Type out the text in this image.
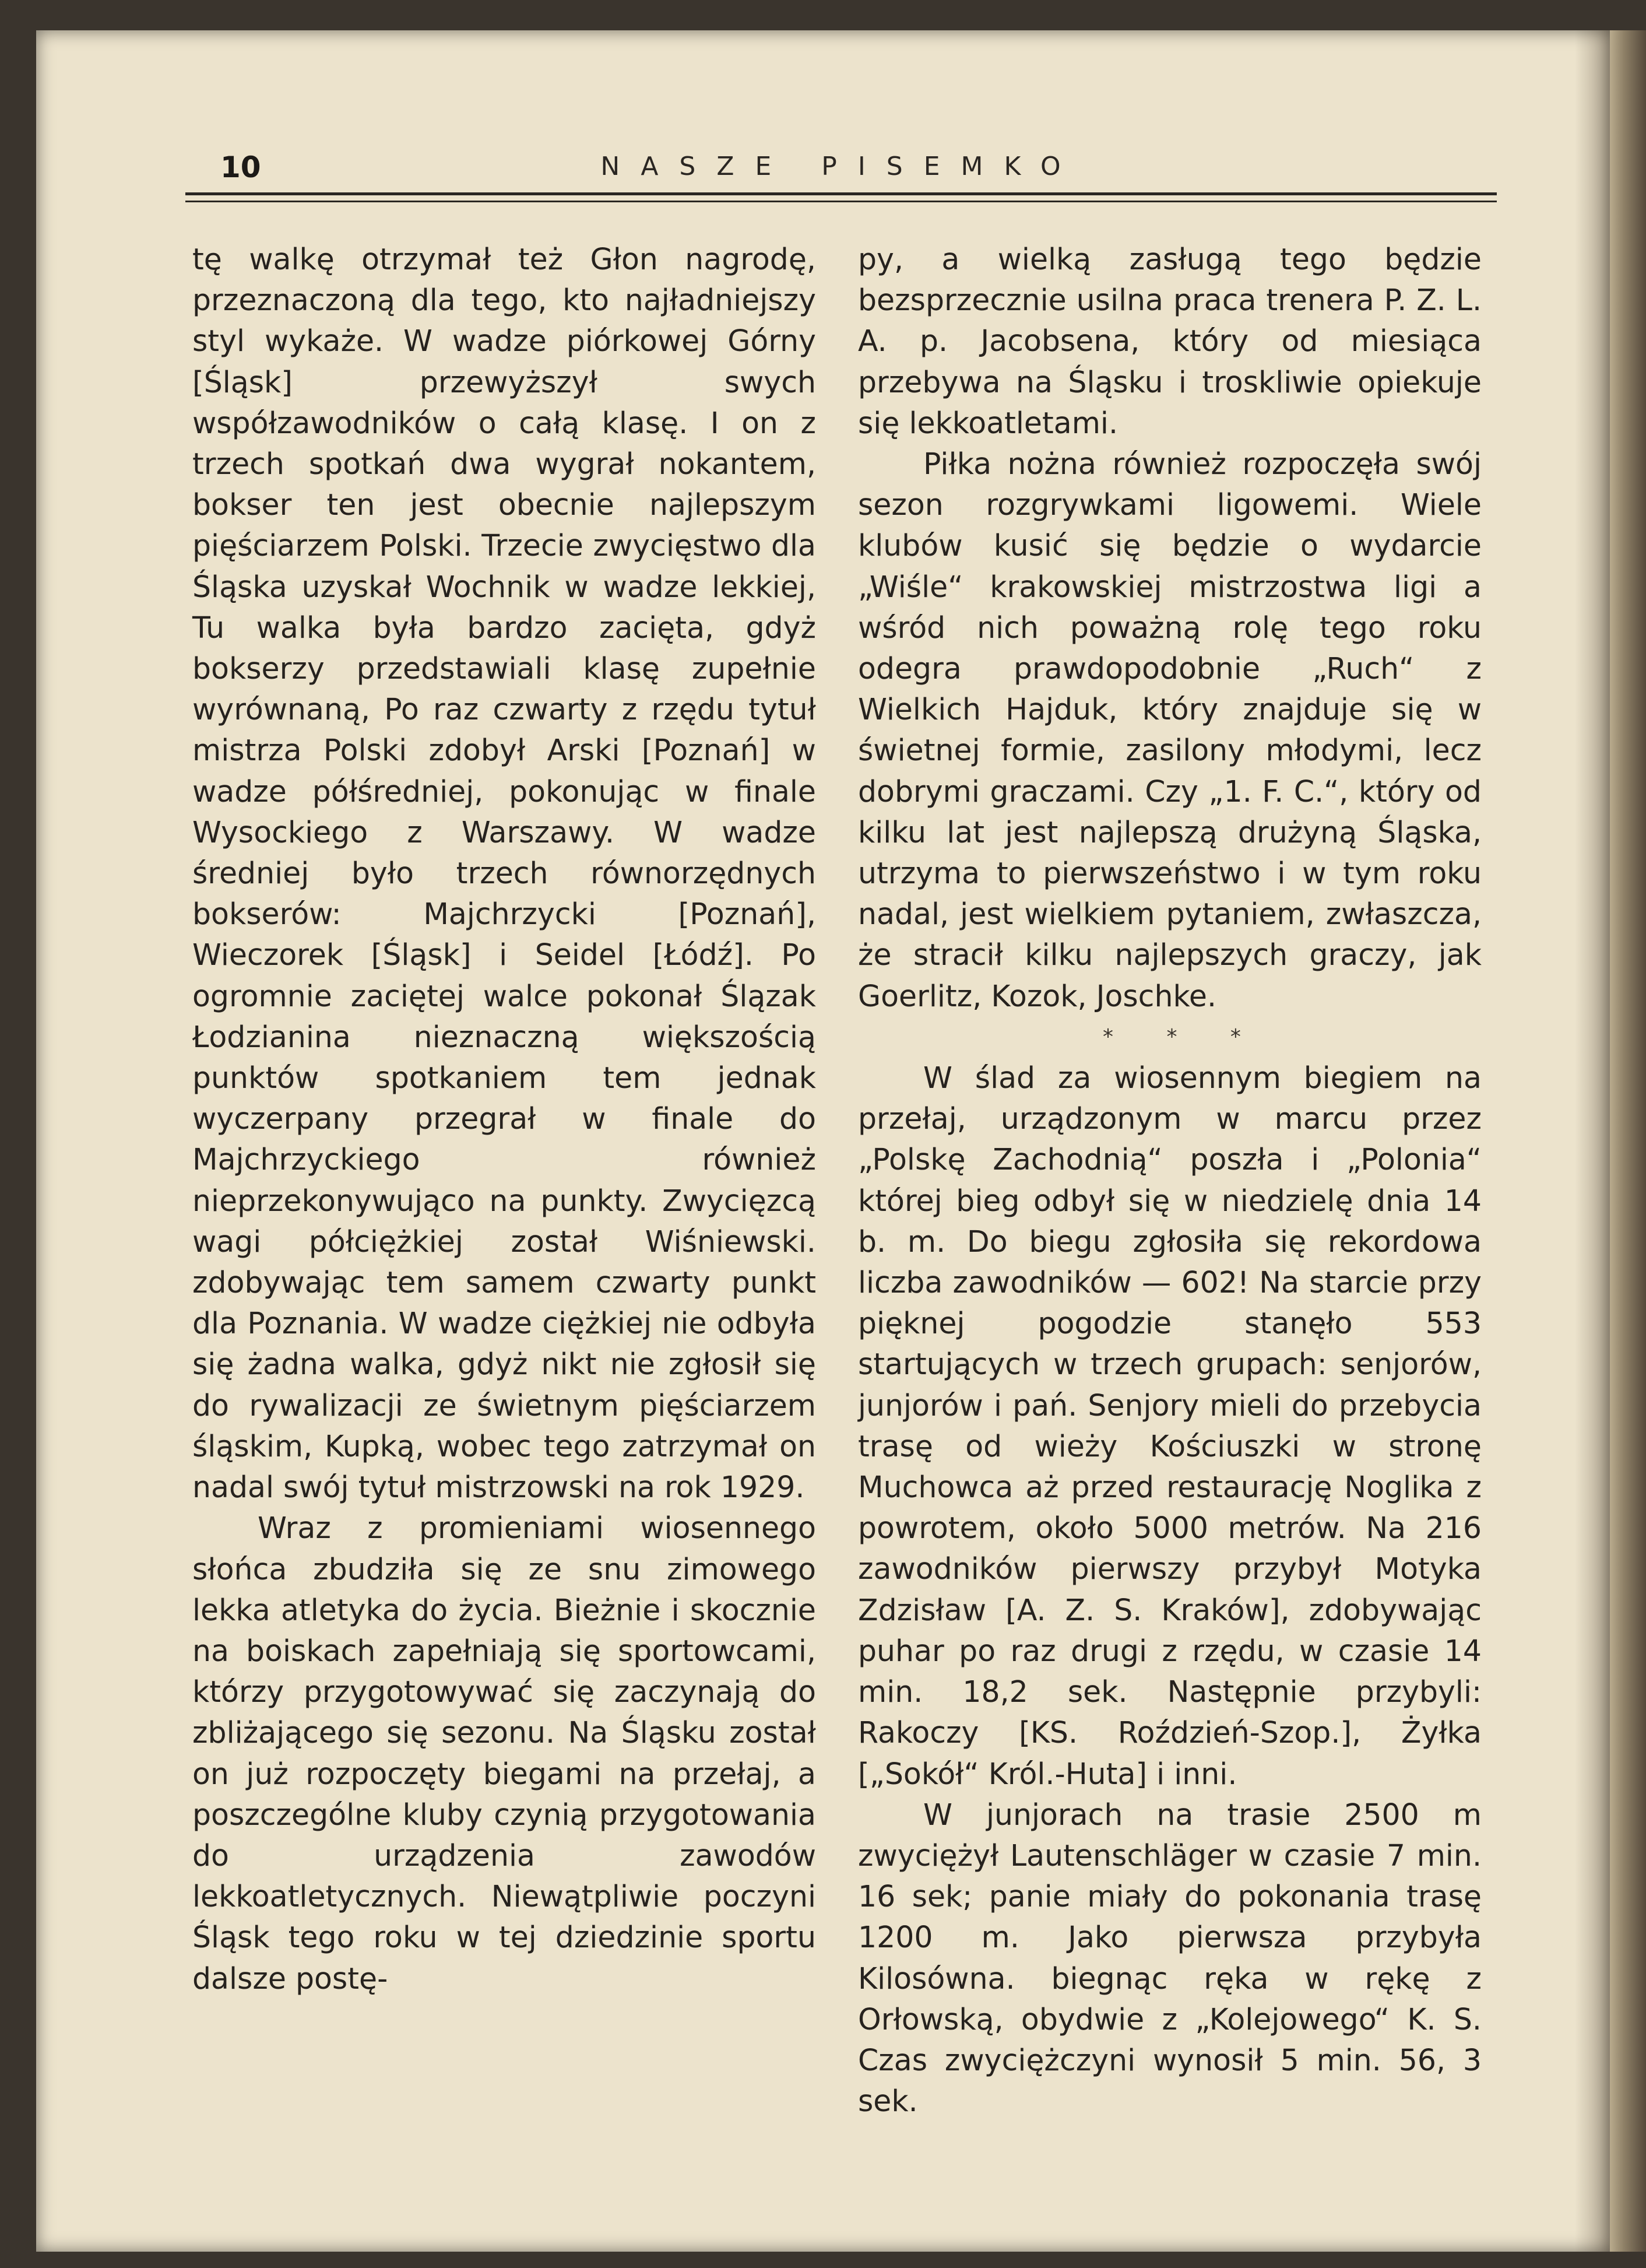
10	NASZE PISEMKO

tę walkę otrzymał też Głon nagrodę, przeznaczoną dla tego, kto najładniejszy styl wykaże. W wadze piórkowej Górny [Śląsk] przewyższył swych współzawodników o całą klasę. I on z trzech spotkań dwa wygrał nokantem, bokser ten jest obecnie najlepszym pięściarzem Polski. Trzecie zwycięstwo dla Śląska uzyskał Wochnik w wadze lekkiej, Tu walka była bardzo zacięta, gdyż bokserzy przedstawiali klasę zupełnie wyrównaną, Po raz czwarty z rzędu tytuł mistrza Polski zdobył Arski [Poznań] w wadze półśredniej, pokonując w finale Wysockiego z Warszawy. W wadze średniej było trzech równorzędnych bokserów: Majchrzycki [Poznań], Wieczorek [Śląsk] i Seidel [Łódź]. Po ogromnie zaciętej walce pokonał Ślązak Łodzianina nieznaczną większością punktów spotkaniem tem jednak wyczerpany przegrał w finale do Majchrzyckiego również nieprzekonywująco na punkty. Zwycięzcą wagi półciężkiej został Wiśniewski. zdobywając tem samem czwarty punkt dla Poznania. W wadze ciężkiej nie odbyła się żadna walka, gdyż nikt nie zgłosił się do rywalizacji ze świetnym pięściarzem śląskim, Kupką, wobec tego zatrzymał on nadal swój tytuł mistrzowski na rok 1929.

Wraz z promieniami wiosennego słońca zbudziła się ze snu zimowego lekka atletyka do życia. Bieżnie i skocznie na boiskach zapełniają się sportowcami, którzy przygotowywać się zaczynają do zbliżającego się sezonu. Na Śląsku został on już rozpoczęty biegami na przełaj, a poszczególne kluby czynią przygotowania do urządzenia zawodów lekkoatletycznych. Niewątpliwie poczyni Śląsk tego roku w tej dziedzinie sportu dalsze postę-

py, a wielką zasługą tego będzie bezsprzecznie usilna praca trenera P. Z. L. A. p. Jacobsena, który od miesiąca przebywa na Śląsku i troskliwie opiekuje się lekkoatletami.

Piłka nożna również rozpoczęła swój sezon rozgrywkami ligowemi. Wiele klubów kusić się będzie o wydarcie „Wiśle“ krakowskiej mistrzostwa ligi a wśród nich poważną rolę tego roku odegra prawdopodobnie „Ruch“ z Wielkich Hajduk, który znajduje się w świetnej formie, zasilony młodymi, lecz dobrymi graczami. Czy „1. F. C.“, który od kilku lat jest najlepszą drużyną Śląska, utrzyma to pierwszeństwo i w tym roku nadal, jest wielkiem pytaniem, zwłaszcza, że stracił kilku najlepszych graczy, jak Goerlitz, Kozok, Joschke.

* * *

W ślad za wiosennym biegiem na przełaj, urządzonym w marcu przez „Polskę Zachodnią“ poszła i „Polonia“ której bieg odbył się w niedzielę dnia 14 b. m. Do biegu zgłosiła się rekordowa liczba zawodników — 602! Na starcie przy pięknej pogodzie stanęło 553 startujących w trzech grupach: senjorów, junjorów i pań. Senjory mieli do przebycia trasę od wieży Kościuszki w stronę Muchowca aż przed restaurację Noglika z powrotem, około 5000 metrów. Na 216 zawodników pierwszy przybył Motyka Zdzisław [A. Z. S. Kraków], zdobywając puhar po raz drugi z rzędu, w czasie 14 min. 18,2 sek. Następnie przybyli: Rakoczy [KS. Roździeń-Szop.], Żyłka [„Sokół“ Król.-Huta] i inni.

W junjorach na trasie 2500 m zwyciężył Lautenschläger w czasie 7 min. 16 sek; panie miały do pokonania trasę 1200 m. Jako pierwsza przybyła Kilosówna. biegnąc ręka w rękę z Orłowską, obydwie z „Kolejowego“ K. S. Czas zwyciężczyni wynosił 5 min. 56, 3 sek.
